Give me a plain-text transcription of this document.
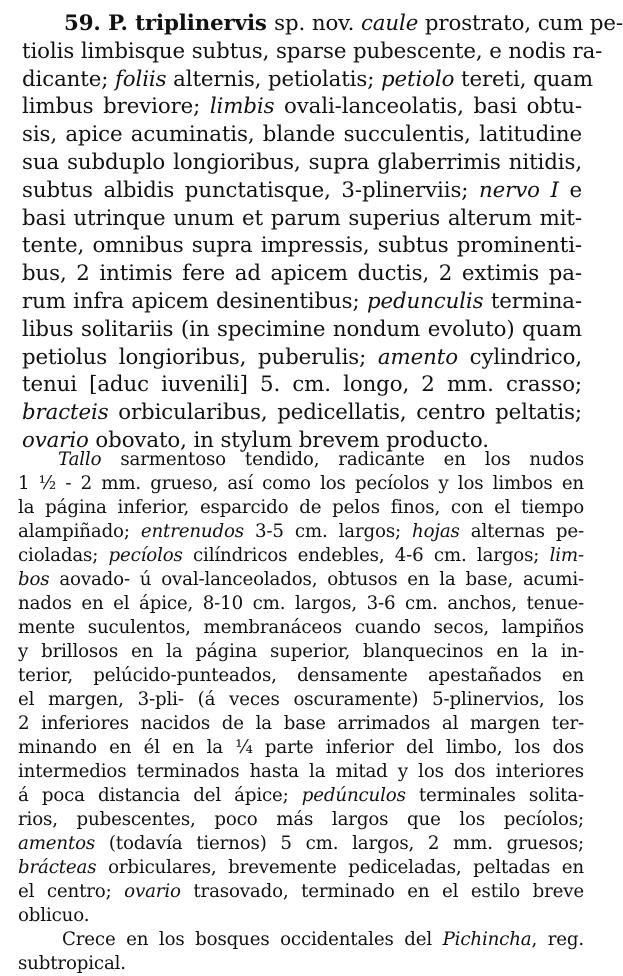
59. P. triplinervis sp. nov. caule prostrato, cum pe-
tiolis limbisque subtus, sparse pubescente, e nodis ra-
dicante; foliis alternis, petiolatis; petiolo tereti, quam
limbus breviore; limbis ovali-lanceolatis, basi obtu-
sis, apice acuminatis, blande succulentis, latitudine
sua subduplo longioribus, supra glaberrimis nitidis,
subtus albidis punctatisque, 3-plinerviis; nervo I e
basi utrinque unum et parum superius alterum mit-
tente, omnibus supra impressis, subtus prominenti-
bus, 2 intimis fere ad apicem ductis, 2 extimis pa-
rum infra apicem desinentibus; pedunculis termina-
libus solitariis (in specimine nondum evoluto) quam
petiolus longioribus, puberulis; amento cylindrico,
tenui [aduc iuvenili] 5. cm. longo, 2 mm. crasso;
bracteis orbicularibus, pedicellatis, centro peltatis;
ovario obovato, in stylum brevem producto.
Tallo sarmentoso tendido, radicante en los nudos
1 ½ - 2 mm. grueso, así como los pecíolos y los limbos en
la página inferior, esparcido de pelos finos, con el tiempo
alampiñado; entrenudos 3-5 cm. largos; hojas alternas pe-
cioladas; pecíolos cilíndricos endebles, 4-6 cm. largos; lim-
bos aovado- ú oval-lanceolados, obtusos en la base, acumi-
nados en el ápice, 8-10 cm. largos, 3-6 cm. anchos, tenue-
mente suculentos, membranáceos cuando secos, lampiños
y brillosos en la página superior, blanquecinos en la in-
terior, pelúcido-punteados, densamente apestañados en
el margen, 3-pli- (á veces oscuramente) 5-plinervios, los
2 inferiores nacidos de la base arrimados al margen ter-
minando en él en la ¼ parte inferior del limbo, los dos
intermedios terminados hasta la mitad y los dos interiores
á poca distancia del ápice; pedúnculos terminales solita-
rios, pubescentes, poco más largos que los pecíolos;
amentos (todavía tiernos) 5 cm. largos, 2 mm. gruesos;
brácteas orbiculares, brevemente pediceladas, peltadas en
el centro; ovario trasovado, terminado en el estilo breve
oblicuo.
Crece en los bosques occidentales del Pichincha, reg.
subtropical.
